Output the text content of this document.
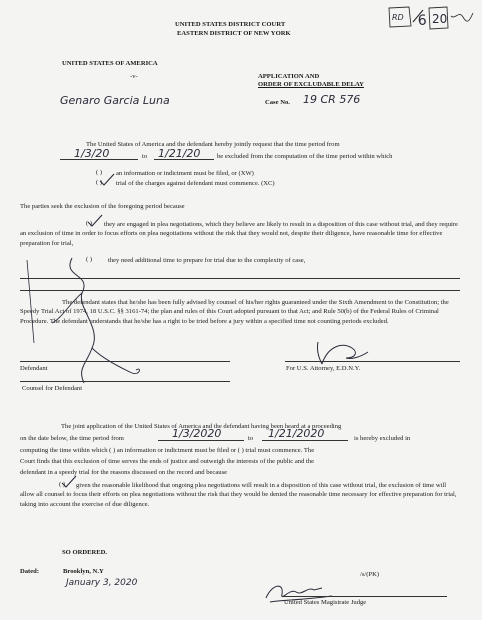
RD 6 20
UNITED STATES DISTRICT COURT
EASTERN DISTRICT OF NEW YORK
UNITED STATES OF AMERICA
-v-
Genaro Garcia Luna
APPLICATION AND
ORDER OF EXCLUDABLE DELAY
Case No. 19 CR 576
The United States of America and the defendant hereby jointly request that the time period from
1/3/20	to 1/21/20	be excluded from the computation of the time period within which
( ) an information or indictment must be filed, or (XW)
( ) trial of the charges against defendant must commence. (XC)
The parties seek the exclusion of the foregoing period because
( )	they are engaged in plea negotiations, which they believe are likely to result in a disposition of this case without trial, and they require an exclusion of time in order to focus efforts on plea negotiations without the risk that they would not, despite their diligence, have reasonable time for effective preparation for trial,
( ) they need additional time to prepare for trial due to the complexity of case,
The defendant states that he/she has been fully advised by counsel of his/her rights guaranteed under the Sixth Amendment to the Constitution; the Speedy Trial Act of 1974, 18 U.S.C. §§ 3161-74; the plan and rules of this Court adopted pursuant to that Act; and Rule 50(b) of the Federal Rules of Criminal Procedure. The defendant understands that he/she has a right to be tried before a jury within a specified time not counting periods excluded.
Defendant	For U.S. Attorney, E.D.N.Y.
Counsel for Defendant
The joint application of the United States of America and the defendant having been heard at a proceeding
on the date below, the time period from	1/3/2020	to 1/21/2020	is hereby excluded in
computing the time within which ( ) an information or indictment must be filed or ( ) trial must commence. The
Court finds that this exclusion of time serves the ends of justice and outweigh the interests of the public and the
defendant in a speedy trial for the reasons discussed on the record and because
( )	given the reasonable likelihood that ongoing plea negotiations will result in a disposition of this case without trial, the exclusion of time will allow all counsel to focus their efforts on plea negotiations without the risk that they would be denied the reasonable time necessary for effective preparation for trial, taking into account the exercise of due diligence.
SO ORDERED.
Dated:	Brooklyn, N.Y
January 3, 2020
/s/(PK)
United States Magistrate Judge
